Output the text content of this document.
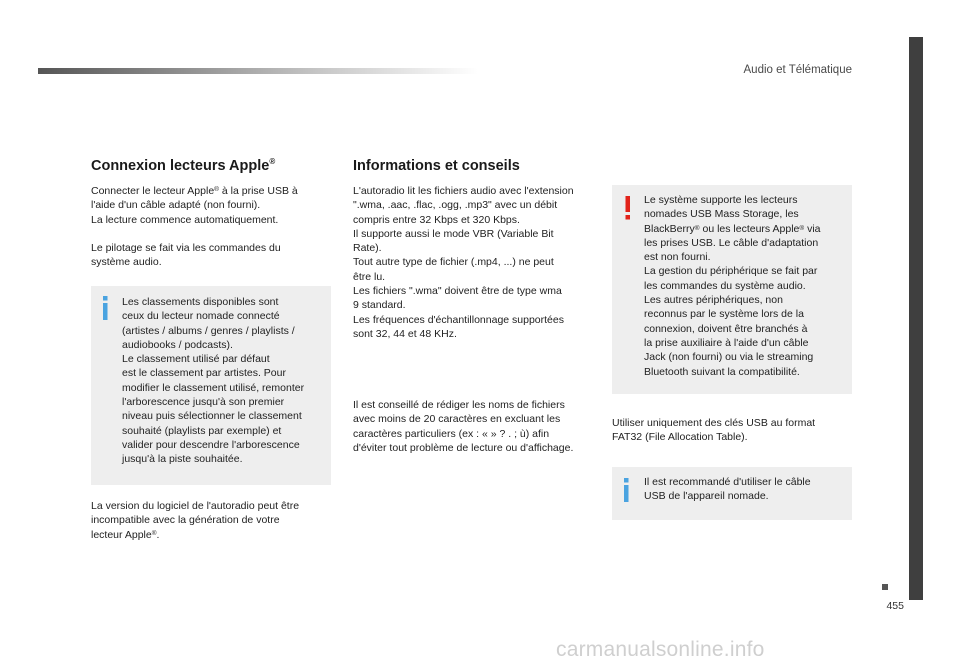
Audio et Télématique
455
Connexion lecteurs Apple®
Connecter le lecteur Apple® à la prise USB à
l'aide d'un câble adapté (non fourni).
La lecture commence automatiquement.
Le pilotage se fait via les commandes du
système audio.
Les classements disponibles sont
ceux du lecteur nomade connecté
(artistes / albums / genres / playlists /
audiobooks / podcasts).
Le classement utilisé par défaut
est le classement par artistes. Pour
modifier le classement utilisé, remonter
l'arborescence jusqu'à son premier
niveau puis sélectionner le classement
souhaité (playlists par exemple) et
valider pour descendre l'arborescence
jusqu'à la piste souhaitée.
La version du logiciel de l'autoradio peut être
incompatible avec la génération de votre
lecteur Apple®.
Informations et conseils
L'autoradio lit les fichiers audio avec l'extension
".wma, .aac, .flac, .ogg, .mp3" avec un débit
compris entre 32 Kbps et 320 Kbps.
Il supporte aussi le mode VBR (Variable Bit
Rate).
Tout autre type de fichier (.mp4, ...) ne peut
être lu.
Les fichiers ".wma" doivent être de type wma
9 standard.
Les fréquences d'échantillonnage supportées
sont 32, 44 et 48 KHz.
Il est conseillé de rédiger les noms de fichiers
avec moins de 20 caractères en excluant les
caractères particuliers (ex : « » ? . ; ù) afin
d'éviter tout problème de lecture ou d'affichage.
Le système supporte les lecteurs
nomades USB Mass Storage, les
BlackBerry® ou les lecteurs Apple® via
les prises USB. Le câble d'adaptation
est non fourni.
La gestion du périphérique se fait par
les commandes du système audio.
Les autres périphériques, non
reconnus par le système lors de la
connexion, doivent être branchés à
la prise auxiliaire à l'aide d'un câble
Jack (non fourni) ou via le streaming
Bluetooth suivant la compatibilité.
Utiliser uniquement des clés USB au format
FAT32 (File Allocation Table).
Il est recommandé d'utiliser le câble
USB de l'appareil nomade.
carmanualsonline.info
